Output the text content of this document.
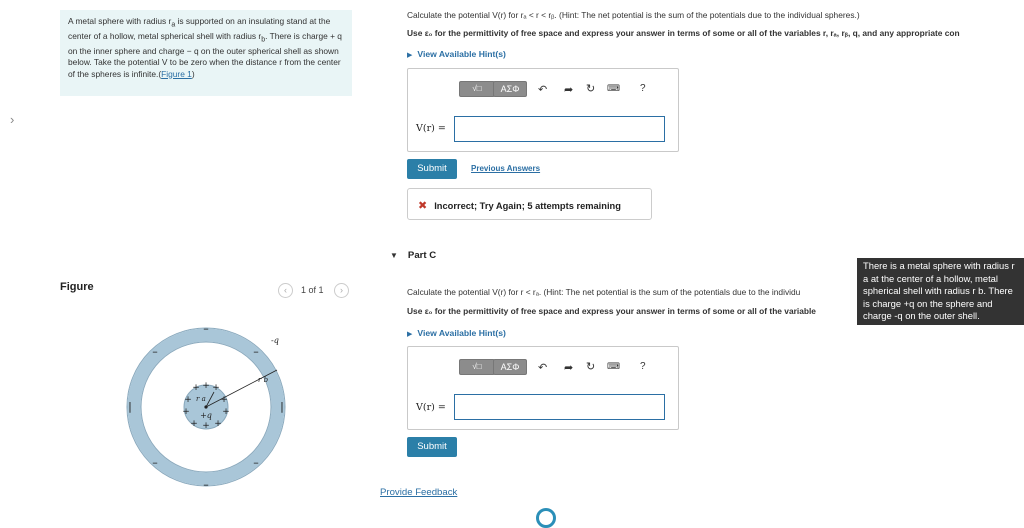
›
A metal sphere with radius $r_a$ is supported on an insulating stand at the center of a hollow, metal spherical shell with radius $r_b$. There is charge + q on the inner sphere and charge − q on the outer spherical shell as shown below. Take the potential V to be zero when the distance r from the center of the spheres is infinite.(Figure 1)
Figure	‹	1 of 1	›
–
–
|	|
–	–
–	–
+ + +
+	+
+	+
+ + +
+q
-q
r a
r b
Calculate the potential V(r) for rₐ < r < rᵦ. (Hint: The net potential is the sum of the potentials due to the individual spheres.)
Use ε₀ for the permittivity of free space and express your answer in terms of some or all of the variables r, rₐ, rᵦ, q, and any appropriate con
▶ View Available Hint(s)
√□	ΑΣΦ	↶ ➦ ↻ ⌨ ?
V(r) =
Submit	Previous Answers
✖ Incorrect; Try Again; 5 attempts remaining
▼ Part C
Calculate the potential V(r) for r < rₐ. (Hint: The net potential is the sum of the potentials due to the individu
Use ε₀ for the permittivity of free space and express your answer in terms of some or all of the variable
▶ View Available Hint(s)
√□	ΑΣΦ	↶ ➦ ↻ ⌨ ?
V(r) =
Submit
There is a metal sphere with radius r a at the center of a hollow, metal spherical shell with radius r b. There is charge +q on the sphere and charge -q on the outer shell.
Provide Feedback
